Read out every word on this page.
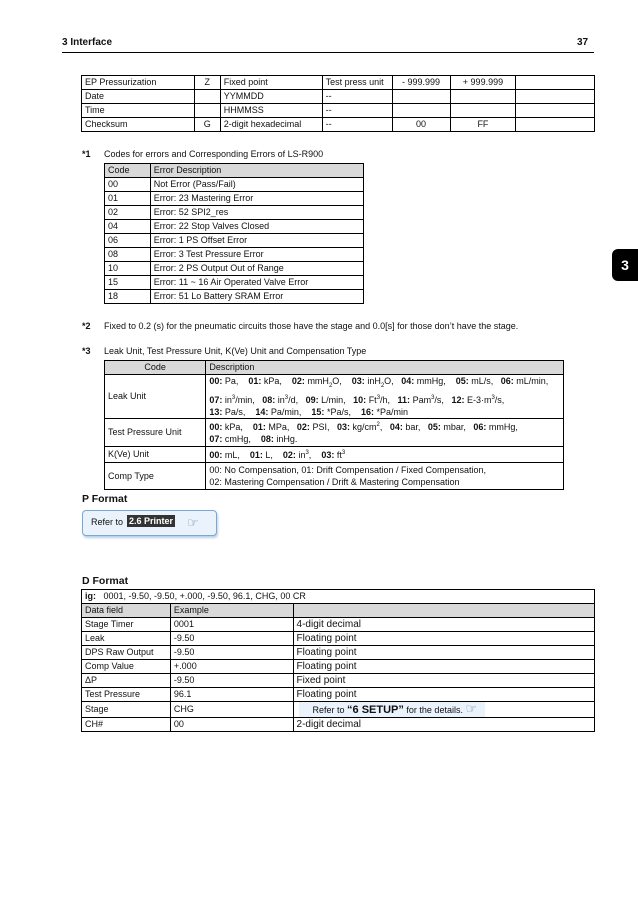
3 Interface	37
3
EP Pressurization	Z	Fixed point	Test press unit	- 999.999	+ 999.999	
Date		YYMMDD	--			
Time		HHMMSS	--			
Checksum	G	2-digit hexadecimal	--	00	FF	
*1 Codes for errors and Corresponding Errors of LS-R900
Code	Error Description
00	Not Error (Pass/Fail)
01	Error: 23 Mastering Error
02	Error: 52 SPI2_res
04	Error: 22 Stop Valves Closed
06	Error: 1 PS Offset Error
08	Error: 3 Test Pressure Error
10	Error: 2 PS Output Out of Range
15	Error: 11 ~ 16 Air Operated Valve Error
18	Error: 51 Lo Battery SRAM Error
*2 Fixed to 0.2 (s) for the pneumatic circuits those have the stage and 0.0[s] for those don’t have the stage.
*3 Leak Unit, Test Pressure Unit, K(Ve) Unit and Compensation Type
Code	Description
Leak Unit	00: Pa,    01: kPa,    02: mmH$_2$O,    03: inH$_2$O,   04: mmHg,    05: mL/s,   06: mL/min,
07: $in^3/\min$,   08: $in^3/d$,   09: L/min,   10: Ft$^3$/h,   11: Pam$^3$/s,   12: $E-3\cdot m^3/s$,
13: Pa/s,    14: Pa/min,    15: *Pa/s,    16: *Pa/min
Test Pressure Unit	00: kPa,    01: MPa,   02: PSI,   03: $kg/cm^2$,   04: bar,   05: mbar,   06: mmHg,
07: cmHg,    08: inHg.
K(Ve) Unit	00: mL,    01: L,    02: $in^3$,    03: $ft^3$
Comp Type	00: No Compensation, 01: Drift Compensation / Fixed Compensation,
02: Mastering Compensation / Drift & Mastering Compensation
P Format
Refer to 2.6 Printer ☞
D Format
ig: 0001, -9.50, -9.50, +.000, -9.50, 96.1, CHG, 00 CR		
Data field	Example	
Stage Timer	0001	4-digit decimal
Leak	-9.50	Floating point
DPS Raw Output	-9.50	Floating point
Comp Value	+.000	Floating point
ΔP	-9.50	Fixed point
Test Pressure	96.1	Floating point
Stage	CHG	Refer to “6 SETUP” for the details. ☞
CH#	00	2-digit decimal
